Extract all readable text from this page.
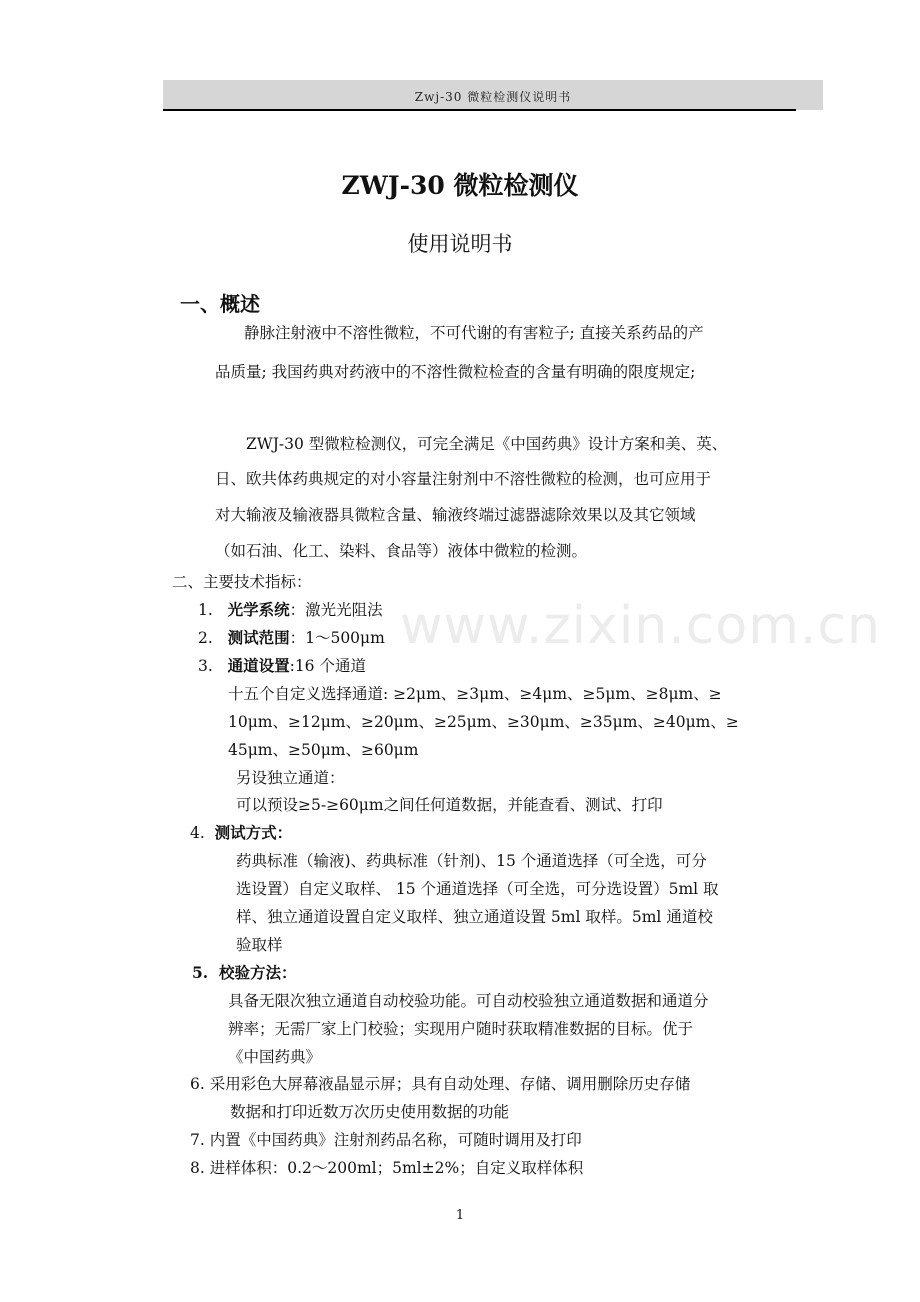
Zwj-30 微粒检测仪说明书
ZWJ-30 微粒检测仪
使用说明书
一、概述
静脉注射液中不溶性微粒，不可代谢的有害粒子; 直接关系药品的产
品质量; 我国药典对药液中的不溶性微粒检查的含量有明确的限度规定;
ZWJ-30 型微粒检测仪，可完全满足《中国药典》设计方案和美、英、
日、欧共体药典规定的对小容量注射剂中不溶性微粒的检测，也可应用于
对大输液及输液器具微粒含量、输液终端过滤器滤除效果以及其它领域
（如石油、化工、染料、食品等）液体中微粒的检测。
二、主要技术指标：
1. 光学系统：激光光阻法
2. 测试范围：1～500μm
3. 通道设置:16 个通道
十五个自定义选择通道: ≥2μm、≥3μm、≥4μm、≥5μm、≥8μm、≥
10μm、≥12μm、≥20μm、≥25μm、≥30μm、≥35μm、≥40μm、≥
45μm、≥50μm、≥60μm
另设独立通道：
可以预设≥5-≥60μm之间任何道数据，并能查看、测试、打印
4. 测试方式：
药典标准（输液)、药典标准（针剂)、15 个通道选择（可全选，可分
选设置）自定义取样、 15 个通道选择（可全选，可分选设置）5ml 取
样、独立通道设置自定义取样、独立通道设置 5ml 取样。5ml 通道校
验取样
5. 校验方法：
具备无限次独立通道自动校验功能。可自动校验独立通道数据和通道分
辨率；无需厂家上门校验；实现用户随时获取精准数据的目标。优于
《中国药典》
6. 采用彩色大屏幕液晶显示屏；具有自动处理、存储、调用删除历史存储
数据和打印近数万次历史使用数据的功能
7. 内置《中国药典》注射剂药品名称，可随时调用及打印
8. 进样体积：0.2～200ml；5ml±2%；自定义取样体积
www.zixin.com.cn
1
